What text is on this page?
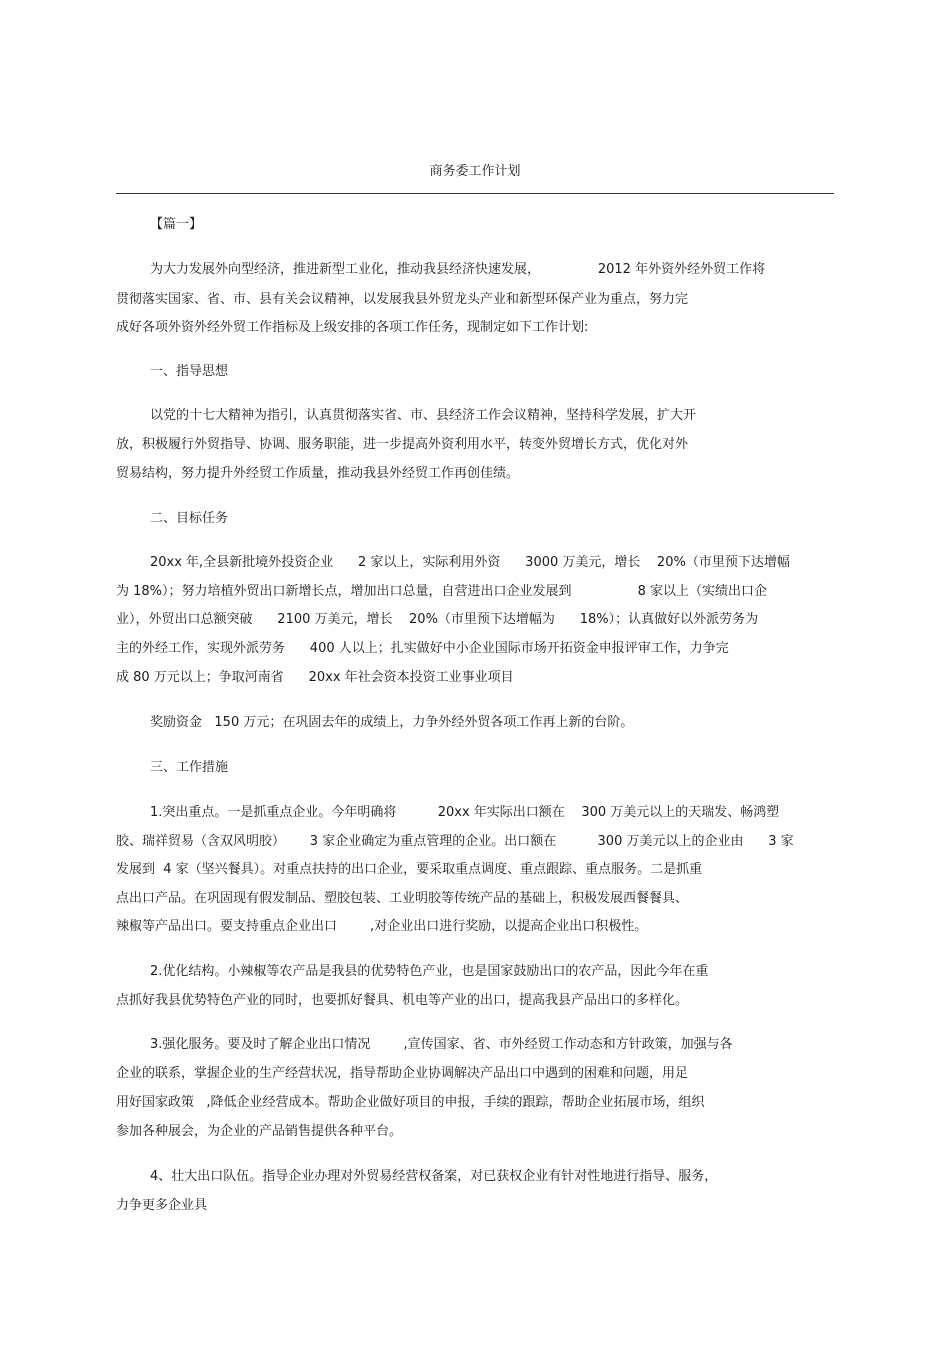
商务委工作计划
【篇一】
为大力发展外向型经济，推进新型工业化，推动我县经济快速发展，              2012 年外资外经外贸工作将
贯彻落实国家、省、市、县有关会议精神，以发展我县外贸龙头产业和新型环保产业为重点，努力完
成好各项外资外经外贸工作指标及上级安排的各项工作任务，现制定如下工作计划:
一、指导思想
以党的十七大精神为指引，认真贯彻落实省、市、县经济工作会议精神，坚持科学发展，扩大开
放，积极履行外贸指导、协调、服务职能，进一步提高外资利用水平，转变外贸增长方式，优化对外
贸易结构，努力提升外经贸工作质量，推动我县外经贸工作再创佳绩。
二、目标任务
20xx 年,全县新批境外投资企业      2 家以上，实际利用外资      3000 万美元，增长    20%（市里预下达增幅
为 18%）；努力培植外贸出口新增长点，增加出口总量，自营进出口企业发展到                8 家以上（实绩出口企
业），外贸出口总额突破      2100 万美元，增长    20%（市里预下达增幅为      18%）；认真做好以外派劳务为
主的外经工作，实现外派劳务      400 人以上；扎实做好中小企业国际市场开拓资金申报评审工作，力争完
成 80 万元以上；争取河南省      20xx 年社会资本投资工业事业项目
奖励资金   150 万元；在巩固去年的成绩上，力争外经外贸各项工作再上新的台阶。
三、工作措施
1.突出重点。一是抓重点企业。今年明确将          20xx 年实际出口额在    300 万美元以上的天瑞发、畅鸿塑
胶、瑞祥贸易（含双风明胶）      3 家企业确定为重点管理的企业。出口额在          300 万美元以上的企业由      3 家
发展到  4 家（坚兴餐具）。对重点扶持的出口企业，要采取重点调度、重点跟踪、重点服务。二是抓重
点出口产品。在巩固现有假发制品、塑胶包装、工业明胶等传统产品的基础上，积极发展西餐餐具、
辣椒等产品出口。要支持重点企业出口        ,对企业出口进行奖励，以提高企业出口积极性。
2.优化结构。小辣椒等农产品是我县的优势特色产业，也是国家鼓励出口的农产品，因此今年在重
点抓好我县优势特色产业的同时，也要抓好餐具、机电等产业的出口，提高我县产品出口的多样化。
3.强化服务。要及时了解企业出口情况        ,宣传国家、省、市外经贸工作动态和方针政策，加强与各
企业的联系，掌握企业的生产经营状况，指导帮助企业协调解决产品出口中遇到的困难和问题，用足
用好国家政策   ,降低企业经营成本。帮助企业做好项目的申报，手续的跟踪，帮助企业拓展市场，组织
参加各种展会，为企业的产品销售提供各种平台。
4、壮大出口队伍。指导企业办理对外贸易经营权备案，对已获权企业有针对性地进行指导、服务，
力争更多企业具
